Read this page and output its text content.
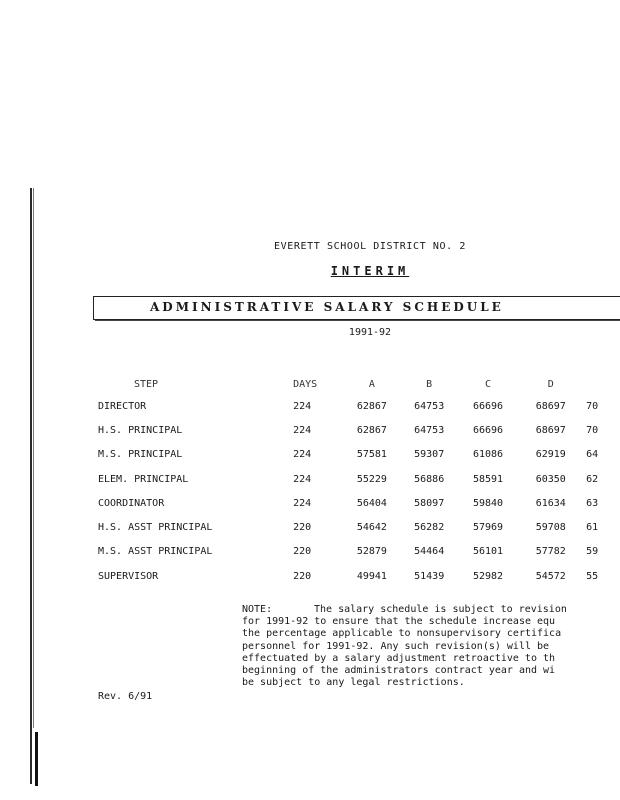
EVERETT SCHOOL DISTRICT NO. 2
INTERIM
ADMINISTRATIVE SALARY SCHEDULE
1991-92
STEP	DAYS	A	B	C	D	
DIRECTOR	224	62867	64753	66696	68697	70
H.S. PRINCIPAL	224	62867	64753	66696	68697	70
M.S. PRINCIPAL	224	57581	59307	61086	62919	64
ELEM. PRINCIPAL	224	55229	56886	58591	60350	62
COORDINATOR	224	56404	58097	59840	61634	63
H.S. ASST PRINCIPAL	220	54642	56282	57969	59708	61
M.S. ASST PRINCIPAL	220	52879	54464	56101	57782	59
SUPERVISOR	220	49941	51439	52982	54572	55
NOTE:	The salary schedule is subject to revision
for 1991-92 to ensure that the schedule increase equ
the percentage applicable to nonsupervisory certifica
personnel for 1991-92. Any such revision(s) will be
effectuated by a salary adjustment retroactive to th
beginning of the administrators contract year and wi
be subject to any legal restrictions.
Rev. 6/91
